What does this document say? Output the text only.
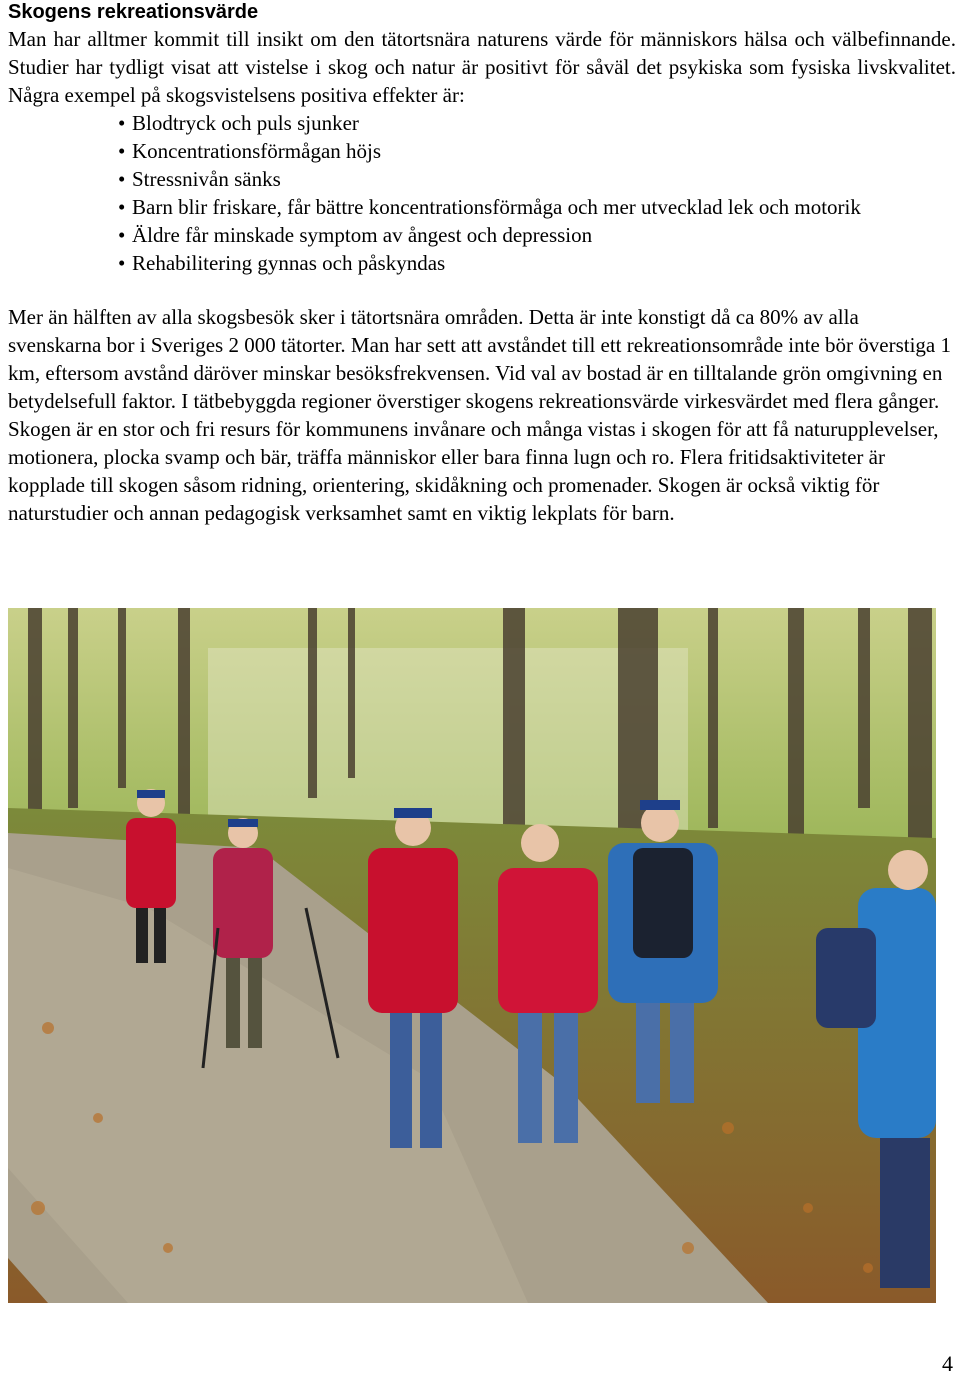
Skogens rekreationsvärde

Man har alltmer kommit till insikt om den tätortsnära naturens värde för människors hälsa och välbefinnande. Studier har tydligt visat att vistelse i skog och natur är positivt för såväl det psykiska som fysiska livskvalitet. Några exempel på skogsvistelsens positiva effekter är:

• Blodtryck och puls sjunker
• Koncentrationsförmågan höjs
• Stressnivån sänks
• Barn blir friskare, får bättre koncentrationsförmåga och mer utvecklad lek och motorik
• Äldre får minskade symptom av ångest och depression
• Rehabilitering gynnas och påskyndas

Mer än hälften av alla skogsbesök sker i tätortsnära områden. Detta är inte konstigt då ca 80% av alla svenskarna bor i Sveriges 2 000 tätorter. Man har sett att avståndet till ett rekreationsområde inte bör överstiga 1 km, eftersom avstånd däröver minskar besöksfrekvensen. Vid val av bostad är en tilltalande grön omgivning en betydelsefull faktor. I tätbebyggda regioner överstiger skogens rekreationsvärde virkesvärdet med flera gånger.

Skogen är en stor och fri resurs för kommunens invånare och många vistas i skogen för att få naturupplevelser, motionera, plocka svamp och bär, träffa människor eller bara finna lugn och ro. Flera fritidsaktiviteter är kopplade till skogen såsom ridning, orientering, skidåkning och promenader. Skogen är också viktig för naturstudier och annan pedagogisk verksamhet samt en viktig lekplats för barn.

4
